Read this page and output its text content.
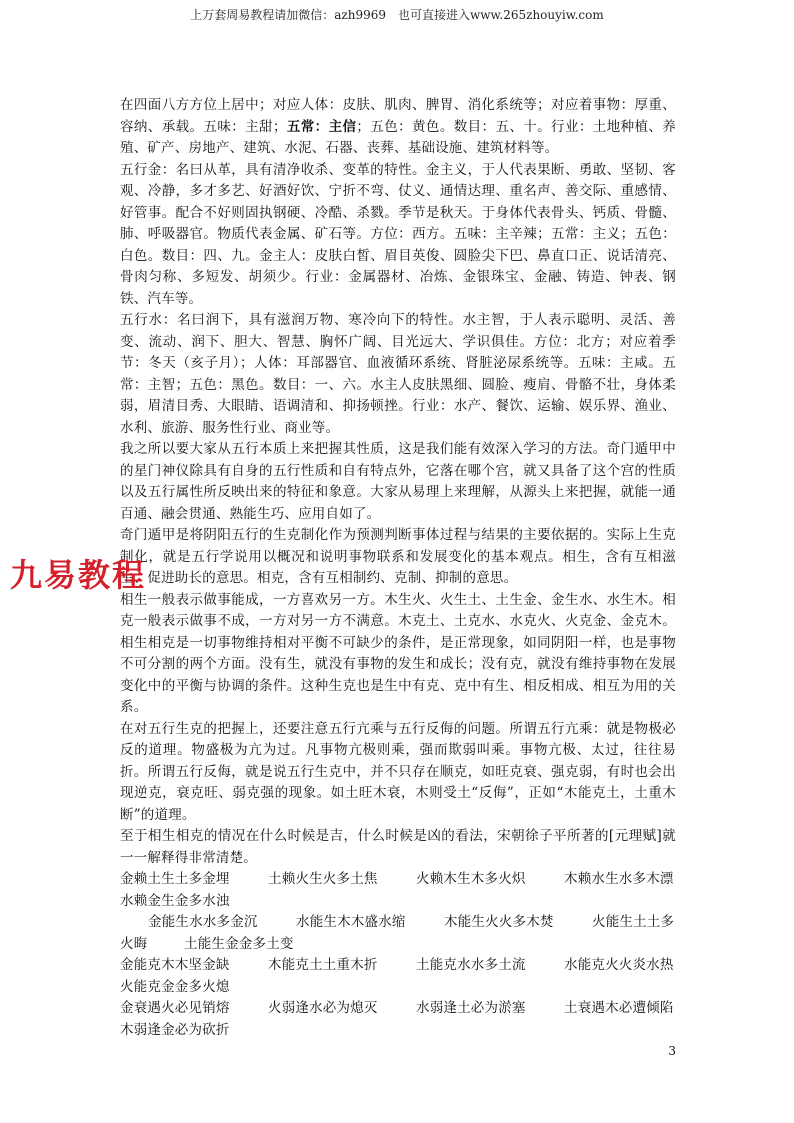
上万套周易教程请加微信：azh9969　也可直接进入www.265zhouyiw.com

在四面八方方位上居中；对应人体：皮肤、肌肉、脾胃、消化系统等；对应着事物：厚重、容纳、承载。五味：主甜；五常：主信；五色：黄色。数目：五、十。行业：土地种植、养殖、矿产、房地产、建筑、水泥、石器、丧葬、基础设施、建筑材料等。

五行金：名曰从革，具有清净收杀、变革的特性。金主义，于人代表果断、勇敢、坚韧、客观、冷静，多才多艺、好酒好饮、宁折不弯、仗义、通情达理、重名声、善交际、重感情、好管事。配合不好则固执钢硬、冷酷、杀戮。季节是秋天。于身体代表骨头、钙质、骨髓、肺、呼吸器官。物质代表金属、矿石等。方位：西方。五味：主辛辣；五常：主义；五色：白色。数目：四、九。金主人：皮肤白皙、眉目英俊、圆脸尖下巴、鼻直口正、说话清亮、骨肉匀称、多短发、胡须少。行业：金属器材、冶炼、金银珠宝、金融、铸造、钟表、钢铁、汽车等。

五行水：名曰润下，具有滋润万物、寒冷向下的特性。水主智，于人表示聪明、灵活、善变、流动、润下、胆大、智慧、胸怀广阔、目光远大、学识俱佳。方位：北方；对应着季节：冬天（亥子月）；人体：耳部器官、血液循环系统、肾脏泌尿系统等。五味：主咸。五常：主智；五色：黑色。数目：一、六。水主人皮肤黑细、圆脸、瘦肩、骨骼不壮，身体柔弱，眉清目秀、大眼睛、语调清和、抑扬顿挫。行业：水产、餐饮、运输、娱乐界、渔业、水利、旅游、服务性行业、商业等。

我之所以要大家从五行本质上来把握其性质，这是我们能有效深入学习的方法。奇门遁甲中的星门神仪除具有自身的五行性质和自有特点外，它落在哪个宫，就又具备了这个宫的性质以及五行属性所反映出来的特征和象意。大家从易理上来理解，从源头上来把握，就能一通百通、融会贯通、熟能生巧、应用自如了。

奇门遁甲是将阴阳五行的生克制化作为预测判断事体过程与结果的主要依据的。实际上生克制化，就是五行学说用以概况和说明事物联系和发展变化的基本观点。相生，含有互相滋生、促进助长的意思。相克，含有互相制约、克制、抑制的意思。

相生一般表示做事能成，一方喜欢另一方。木生火、火生土、土生金、金生水、水生木。相克一般表示做事不成，一方对另一方不满意。木克土、土克水、水克火、火克金、金克木。相生相克是一切事物维持相对平衡不可缺少的条件，是正常现象，如同阴阳一样，也是事物不可分割的两个方面。没有生，就没有事物的发生和成长；没有克，就没有维持事物在发展变化中的平衡与协调的条件。这种生克也是生中有克、克中有生、相反相成、相互为用的关系。

在对五行生克的把握上，还要注意五行亢乘与五行反侮的问题。所谓五行亢乘：就是物极必反的道理。物盛极为亢为过。凡事物亢极则乘，强而欺弱叫乘。事物亢极、太过，往往易折。所谓五行反侮，就是说五行生克中，并不只存在顺克，如旺克衰、强克弱，有时也会出现逆克，衰克旺、弱克强的现象。如土旺木衰，木则受土“反侮”，正如“木能克土，土重木断”的道理。

至于相生相克的情况在什么时候是吉，什么时候是凶的看法，宋朝徐子平所著的[元理赋]就一一解释得非常清楚。

金赖土生土多金埋	土赖火生火多土焦	火赖木生木多火炽	木赖水生水多木漂

水赖金生金多水浊

金能生水水多金沉	水能生木木盛水缩	木能生火火多木焚	火能生土土多

火晦	土能生金金多土变

金能克木木坚金缺	木能克土土重木折	土能克水水多土流	水能克火火炎水热

火能克金金多火熄

金衰遇火必见销熔	火弱逢水必为熄灭	水弱逢土必为淤塞	土衰遇木必遭倾陷

木弱逢金必为砍折

九易教程
3
